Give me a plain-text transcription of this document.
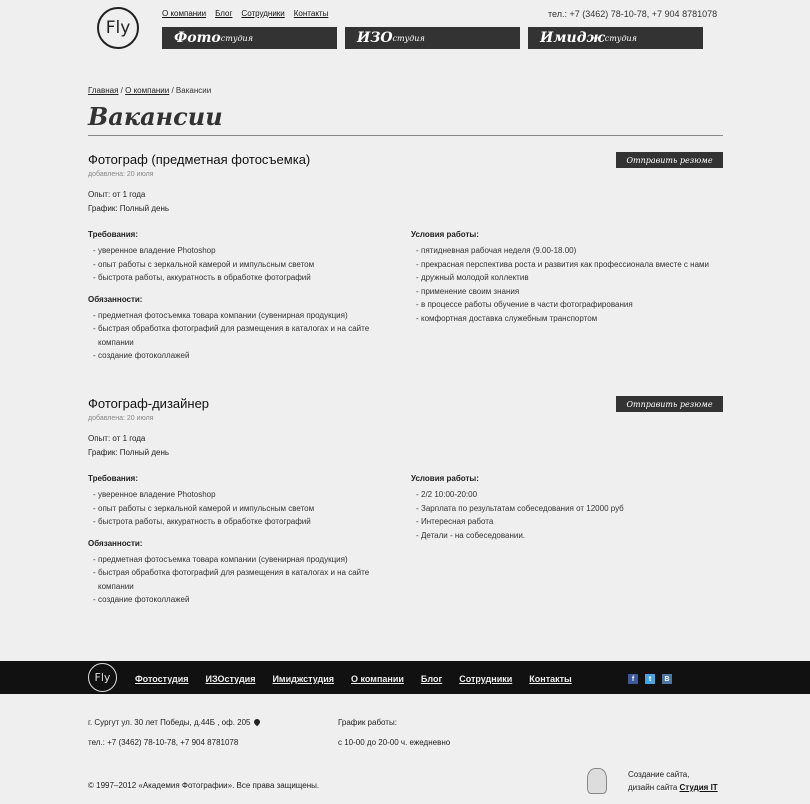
Fly
О компании Блог Сотрудники Контакты	тел.: +7 (3462) 78-10-78, +7 904 8781078
Фото студия	ИЗО студия	Имидж студия
Главная / О компании / Вакансии
Вакансии
Фотограф (предметная фотосъемка)
добавлена: 20 июля
Опыт: от 1 года
График: Полный день
Отправить резюме
Требования:
- уверенное владение Photoshop
- опыт работы с зеркальной камерой и импульсным светом
- быстрота работы, аккуратность в обработке фотографий
Обязанности:
- предметная фотосъемка товара компании (сувенирная продукция)
- быстрая обработка фотографий для размещения в каталогах и на сайте компании
- создание фотоколлажей
Условия работы:
- пятидневная рабочая неделя (9.00-18.00)
- прекрасная перспектива роста и развития как профессионала вместе с нами
- дружный молодой коллектив
- применение своим знания
- в процессе работы обучение в части фотографирования
- комфортная доставка служебным транспортом
Фотограф-дизайнер
добавлена: 20 июля
Опыт: от 1 года
График: Полный день
Отправить резюме
Требования:
- уверенное владение Photoshop
- опыт работы с зеркальной камерой и импульсным светом
- быстрота работы, аккуратность в обработке фотографий
Обязанности:
- предметная фотосъемка товара компании (сувенирная продукция)
- быстрая обработка фотографий для размещения в каталогах и на сайте компании
- создание фотоколлажей
Условия работы:
- 2/2 10:00-20:00
- Зарплата по результатам собеседования от 12000 руб
- Интересная работа
- Детали - на собеседовании.
Fly	Фотостудия ИЗОстудия Имиджстудия О компании Блог Сотрудники Контакты	f	t	B
г. Сургут ул. 30 лет Победы, д.44Б , оф. 205
тел.: +7 (3462) 78-10-78, +7 904 8781078
График работы:
с 10-00 до 20-00 ч. ежедневно
© 1997–2012 «Академия Фотографии». Все права защищены.
Создание сайта,
дизайн сайта Студия IT
